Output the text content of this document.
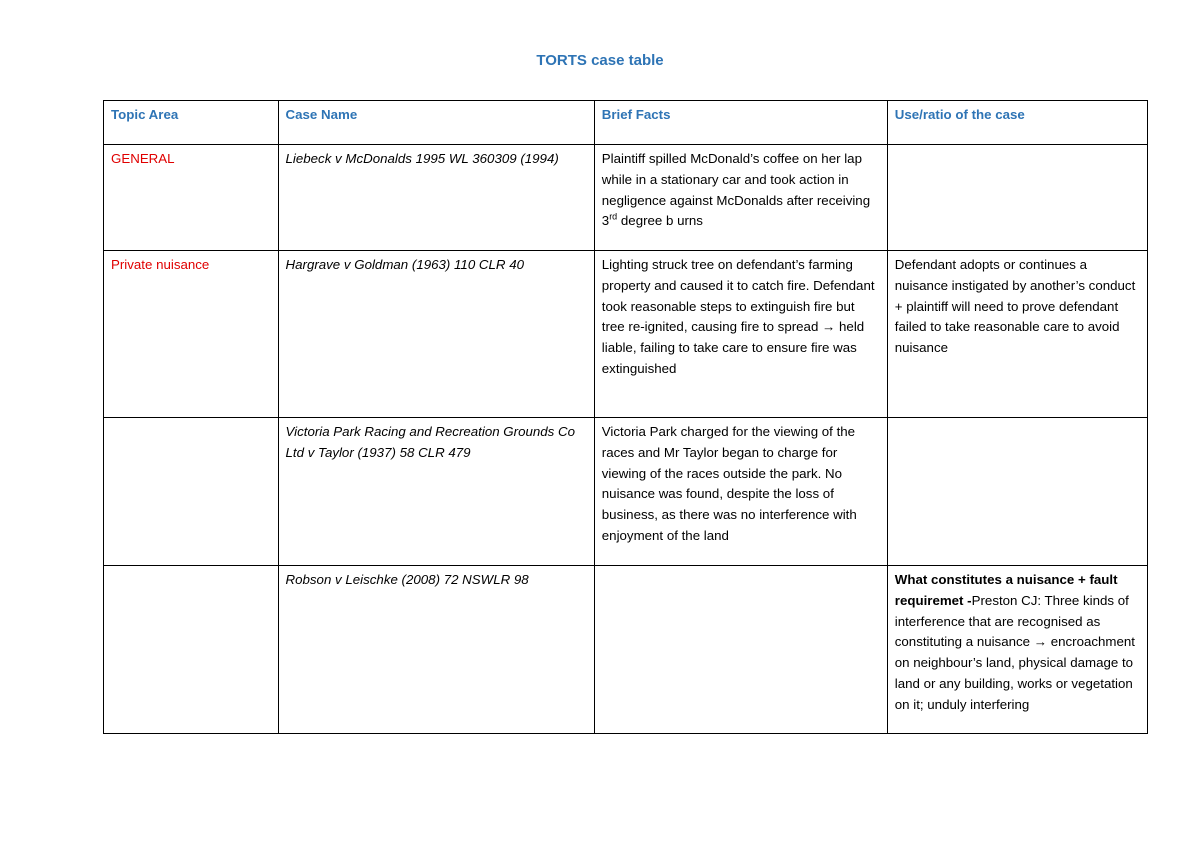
TORTS case table
Topic Area	Case Name	Brief Facts	Use/ratio of the case
GENERAL	Liebeck v McDonalds 1995 WL 360309 (1994)	Plaintiff spilled McDonald’s coffee on her lap while in a stationary car and took action in negligence against McDonalds after receiving 3rd degree b urns	
Private nuisance	Hargrave v Goldman (1963) 110 CLR 40	Lighting struck tree on defendant’s farming property and caused it to catch fire. Defendant took reasonable steps to extinguish fire but tree re-ignited, causing fire to spread → held liable, failing to take care to ensure fire was extinguished	Defendant adopts or continues a nuisance instigated by another’s conduct + plaintiff will need to prove defendant failed to take reasonable care to avoid nuisance
	Victoria Park Racing and Recreation Grounds Co Ltd v Taylor (1937) 58 CLR 479	Victoria Park charged for the viewing of the races and Mr Taylor began to charge for viewing of the races outside the park. No nuisance was found, despite the loss of business, as there was no interference with enjoyment of the land	
	Robson v Leischke (2008) 72 NSWLR 98		What constitutes a nuisance + fault requiremet -Preston CJ: Three kinds of interference that are recognised as constituting a nuisance → encroachment on neighbour’s land, physical damage to land or any building, works or vegetation on it; unduly interfering
